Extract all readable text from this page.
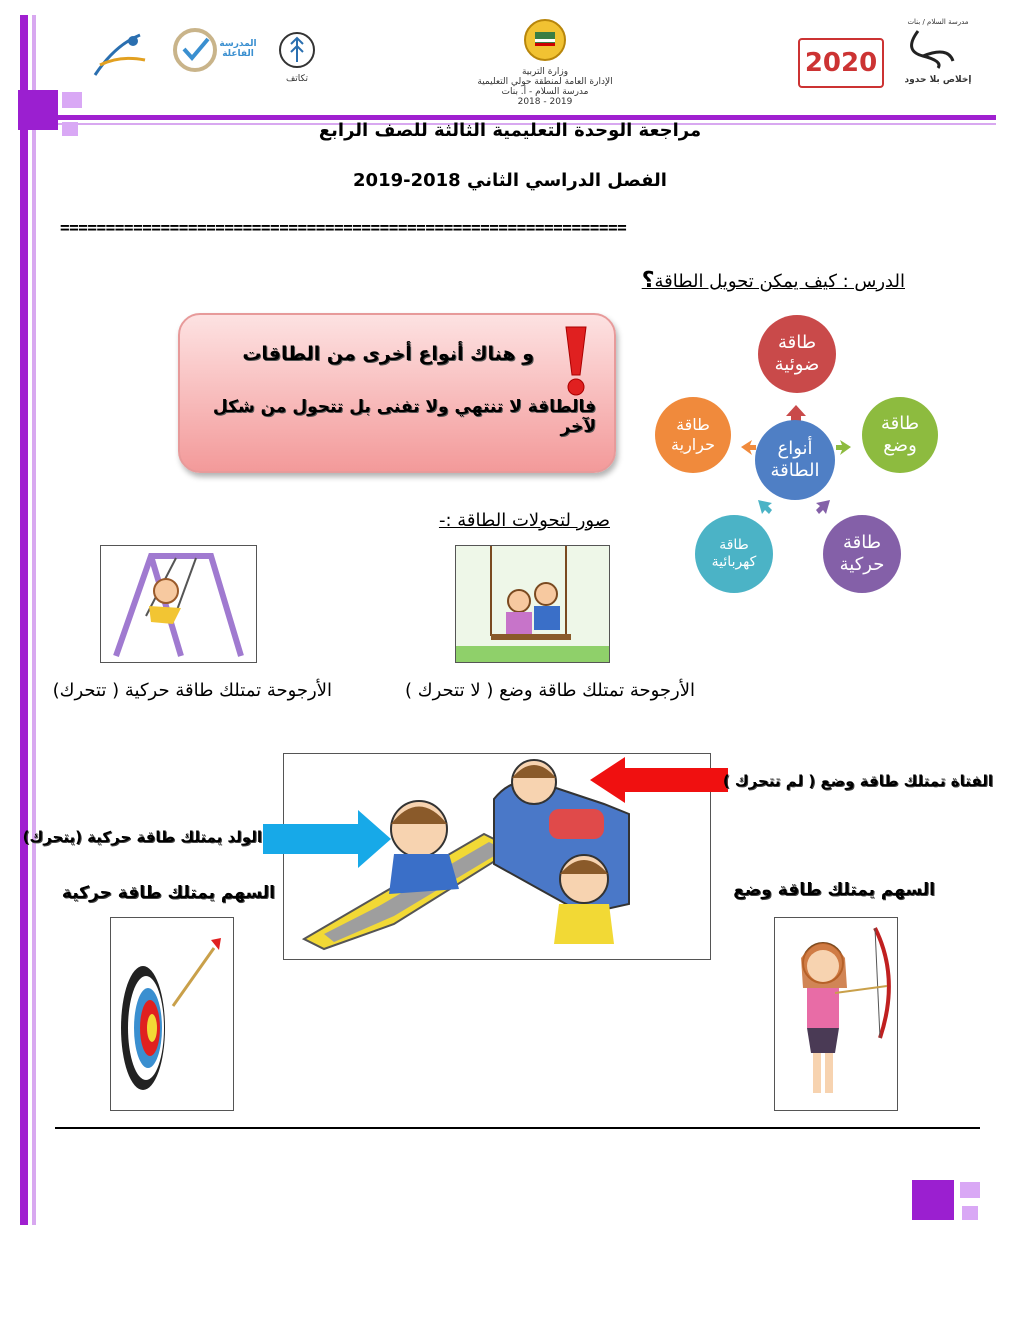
المدرسة الفاعلة
تكاتف
وزارة التربية
الإدارة العامة لمنطقة حولي التعليمية
مدرسة السلام - أ. بنات
2018 - 2019
2020
مدرسة السلام / بنات
إخلاص بلا حدود
مراجعة الوحدة التعليمية الثالثة للصف الرابع
الفصل الدراسي الثاني 2018-2019
==============================================================
الدرس : كيف يمكن تحويل الطاقة؟
و هناك أنواع أخرى من الطاقات
فالطاقة لا تنتهي ولا تفنى بل تتحول من شكل لآخر
أنواع الطاقة
طاقة ضوئية
طاقة وضع
طاقة حركية
طاقة كهربائية
طاقة حرارية
صور لتحولات الطاقة :-
الأرجوحة تمتلك طاقة وضع ( لا تتحرك )
الأرجوحة تمتلك طاقة حركية ( تتحرك)
الفتاة تمتلك طاقة وضع ( لم تتحرك )
الولد يمتلك طاقة حركية (يتحرك)
السهم يمتلك طاقة وضع
السهم يمتلك طاقة حركية
